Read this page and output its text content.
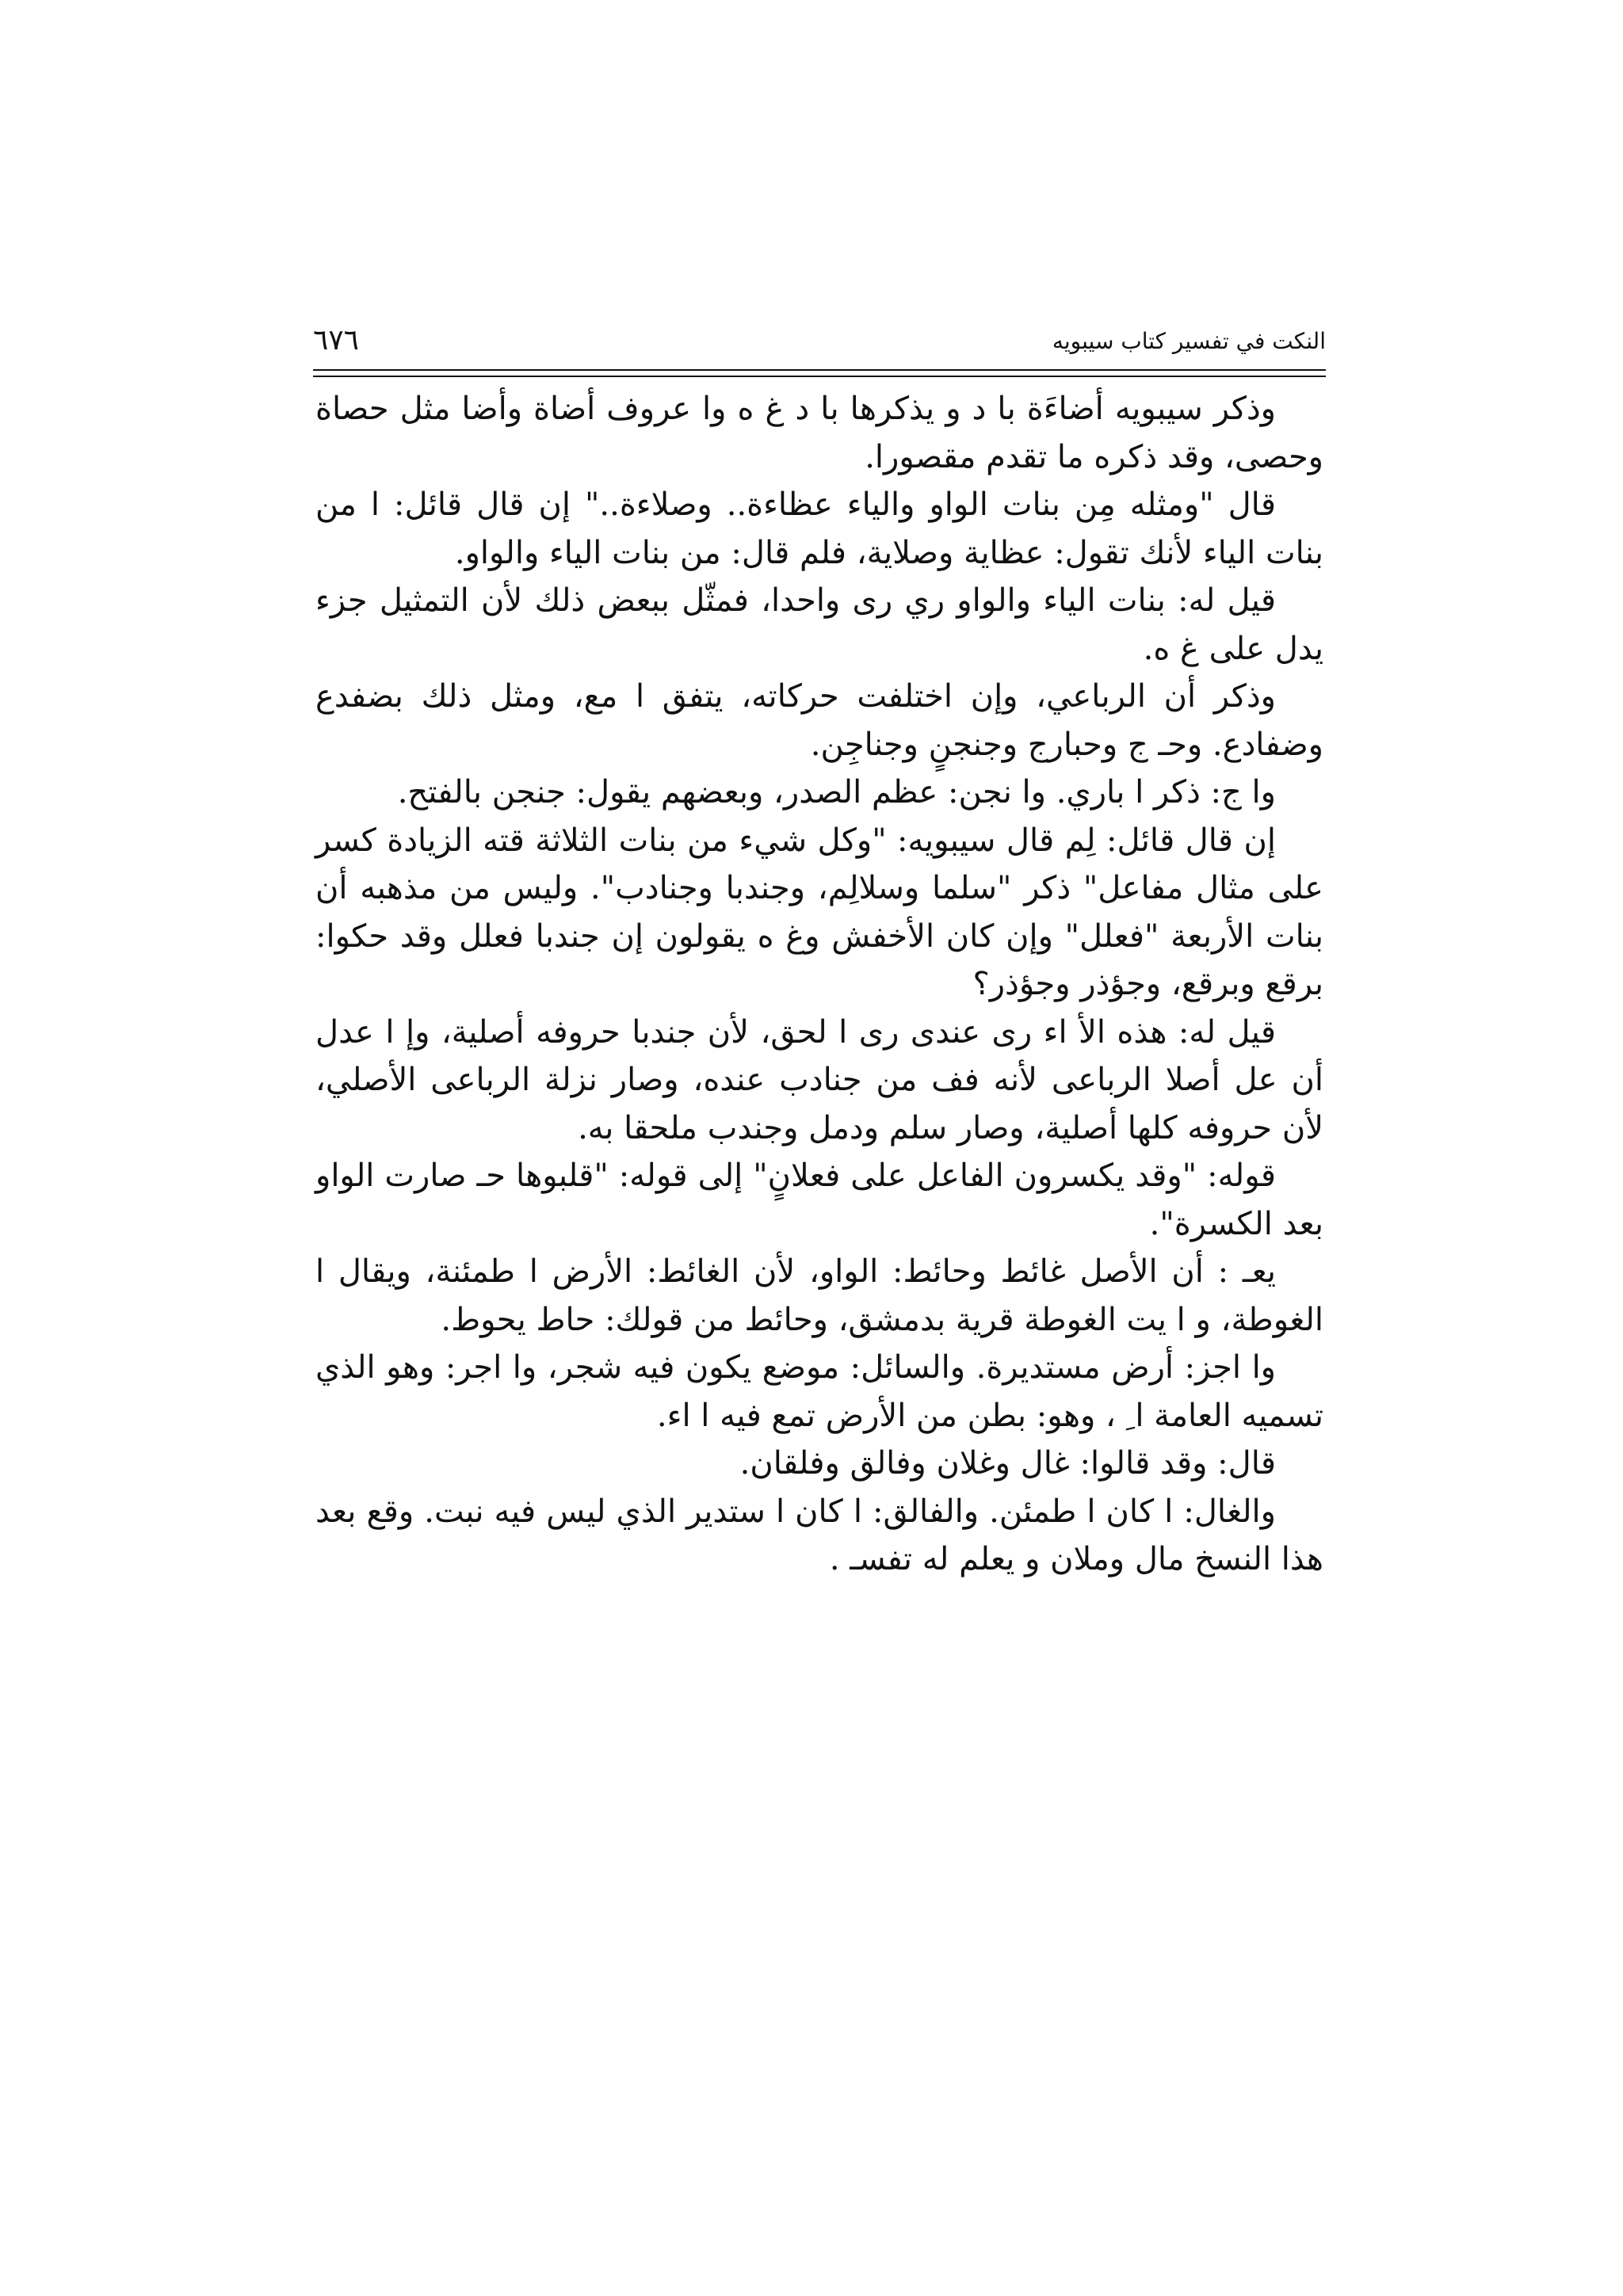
٦٧٦	النكت في تفسير كتاب سيبويه

وذكر سيبويه أضاءَة با د و يذكرها با د غ ه وا عروف أضاة وأضا مثل حصاة وحصى، وقد ذكره ما تقدم مقصورا.

قال "ومثله مِن بنات الواو والياء عظاءة.. وصلاءة.." إن قال قائل: ا من بنات الياء لأنك تقول: عظاية وصلاية، فلم قال: من بنات الياء والواو.

قيل له: بنات الياء والواو ري رى واحدا، فمثّل ببعض ذلك لأن التمثيل جزء يدل على غ ه.

وذكر أن الرباعي، وإن اختلفت حركاته، يتفق ا مع، ومثل ذلك بضفدع وضفادع. وحـ ج وحبارج وجنجنٍ وجناجِن.

وا ج: ذكر ا باري. وا نجن: عظم الصدر، وبعضهم يقول: جنجن بالفتح.

إن قال قائل: لِم قال سيبويه: "وكل شيء من بنات الثلاثة قته الزيادة كسر على مثال مفاعل" ذكر "سلما وسلالِم، وجندبا وجنادب". وليس من مذهبه أن بنات الأربعة "فعلل" وإن كان الأخفش وغ ه يقولون إن جندبا فعلل وقد حكوا: برقع وبرقع، وجؤذر وجؤذر؟

قيل له: هذه الأ اء رى عندى رى ا لحق، لأن جندبا حروفه أصلية، وإ ا عدل أن عل أصلا الرباعى لأنه فف من جنادب عنده، وصار نزلة الرباعى الأصلي، لأن حروفه كلها أصلية، وصار سلم ودمل وجندب ملحقا به.

قوله: "وقد يكسرون الفاعل على فعلانٍ" إلى قوله: "قلبوها حـ صارت الواو بعد الكسرة".

يعـ : أن الأصل غائط وحائط: الواو، لأن الغائط: الأرض ا طمئنة، ويقال ا الغوطة، و ا يت الغوطة قرية بدمشق، وحائط من قولك: حاط يحوط.

وا اجز: أرض مستديرة. والسائل: موضع يكون فيه شجر، وا اجر: وهو الذي تسميه العامة ا ِ ، وهو: بطن من الأرض تمع فيه ا اء.

قال: وقد قالوا: غال وغلان وفالق وفلقان.

والغال: ا كان ا طمئن. والفالق: ا كان ا ستدير الذي ليس فيه نبت. وقع بعد هذا النسخ مال وملان و يعلم له تفسـ .
